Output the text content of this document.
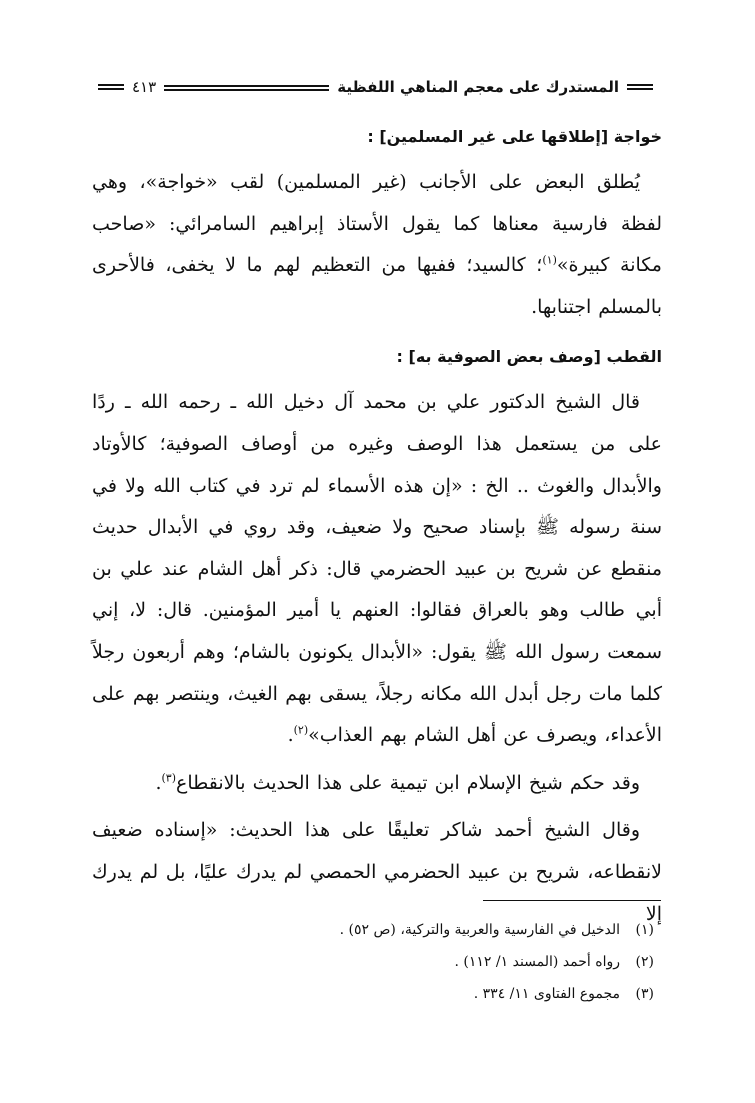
المستدرك على معجم المناهي اللفظية
٤١٣
خواجة [إطلاقها على غير المسلمين] :

يُطلق البعض على الأجانب (غير المسلمين) لقب «خواجة»، وهي لفظة فارسية معناها كما يقول الأستاذ إبراهيم السامرائي: «صاحب مكانة كبيرة»$^{(١)}$؛ كالسيد؛ ففيها من التعظيم لهم ما لا يخفى، فالأحرى بالمسلم اجتنابها.

القطب [وصف بعض الصوفية به] :

قال الشيخ الدكتور علي بن محمد آل دخيل الله ـ رحمه الله ـ ردًا على من يستعمل هذا الوصف وغيره من أوصاف الصوفية؛ كالأوتاد والأبدال والغوث .. الخ : «إن هذه الأسماء لم ترد في كتاب الله ولا في سنة رسوله ﷺ بإسناد صحيح ولا ضعيف، وقد روي في الأبدال حديث منقطع عن شريح بن عبيد الحضرمي قال: ذكر أهل الشام عند علي بن أبي طالب وهو بالعراق فقالوا: العنهم يا أمير المؤمنين. قال: لا، إني سمعت رسول الله ﷺ يقول: «الأبدال يكونون بالشام؛ وهم أربعون رجلاً كلما مات رجل أبدل الله مكانه رجلاً، يسقى بهم الغيث، وينتصر بهم على الأعداء، ويصرف عن أهل الشام بهم العذاب»$^{(٢)}$.

وقد حكم شيخ الإسلام ابن تيمية على هذا الحديث بالانقطاع$^{(٣)}$.

وقال الشيخ أحمد شاكر تعليقًا على هذا الحديث: «إسناده ضعيف لانقطاعه، شريح بن عبيد الحضرمي الحمصي لم يدرك عليًا، بل لم يدرك إلا

(١)الدخيل في الفارسية والعربية والتركية، (ص ٥٢) .
(٢)رواه أحمد (المسند ١/ ١١٢) .
(٣)مجموع الفتاوى ١١/ ٣٣٤ .
